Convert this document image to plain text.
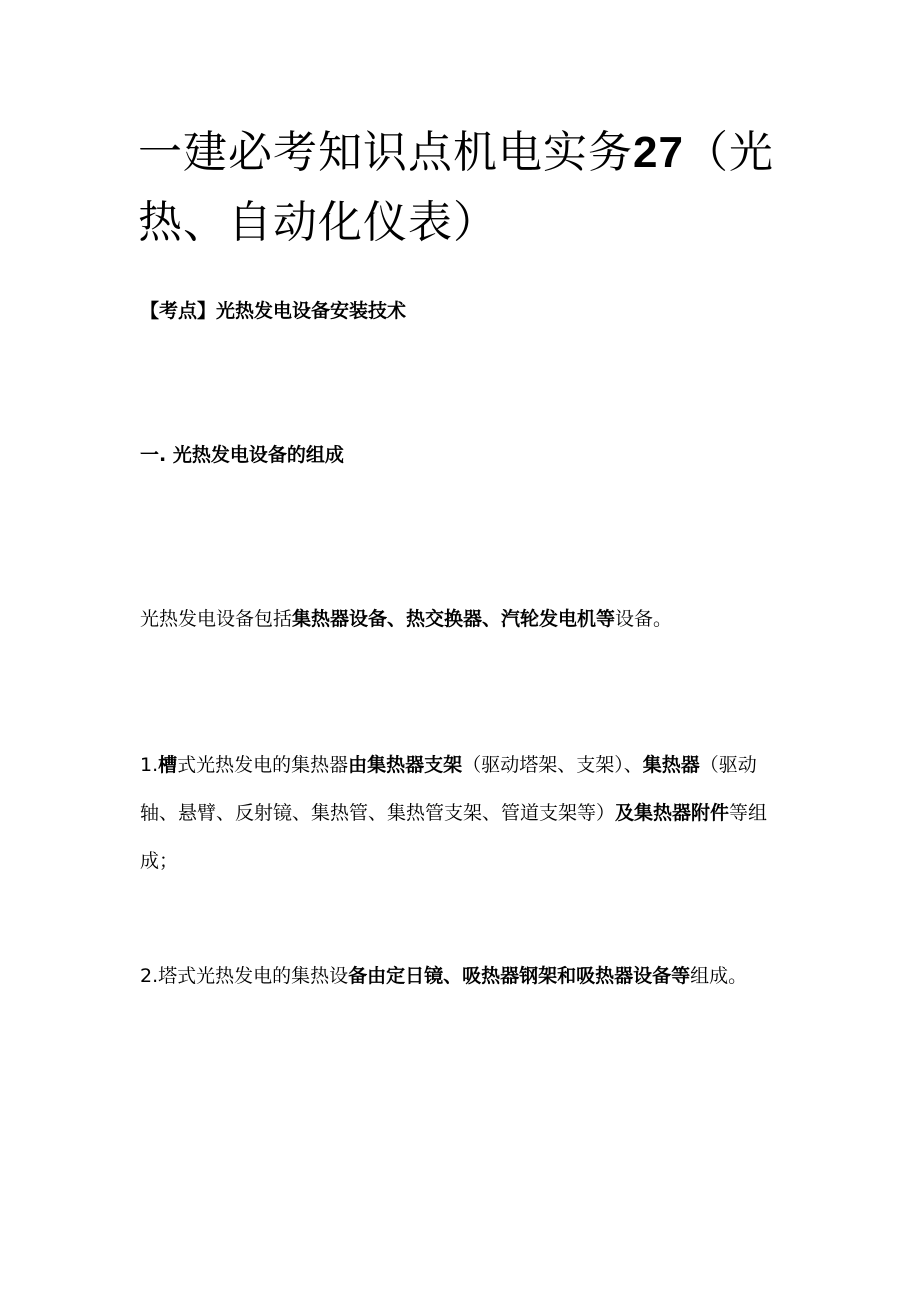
一建必考知识点机电实务27（光热、自动化仪表）

【考点】光热发电设备安装技术

一. 光热发电设备的组成

光热发电设备包括集热器设备、热交换器、汽轮发电机等设备。

1.槽式光热发电的集热器由集热器支架（驱动塔架、支架）、集热器（驱动轴、悬臂、反射镜、集热管、集热管支架、管道支架等）及集热器附件等组成；

2.塔式光热发电的集热设备由定日镜、吸热器钢架和吸热器设备等组成。
